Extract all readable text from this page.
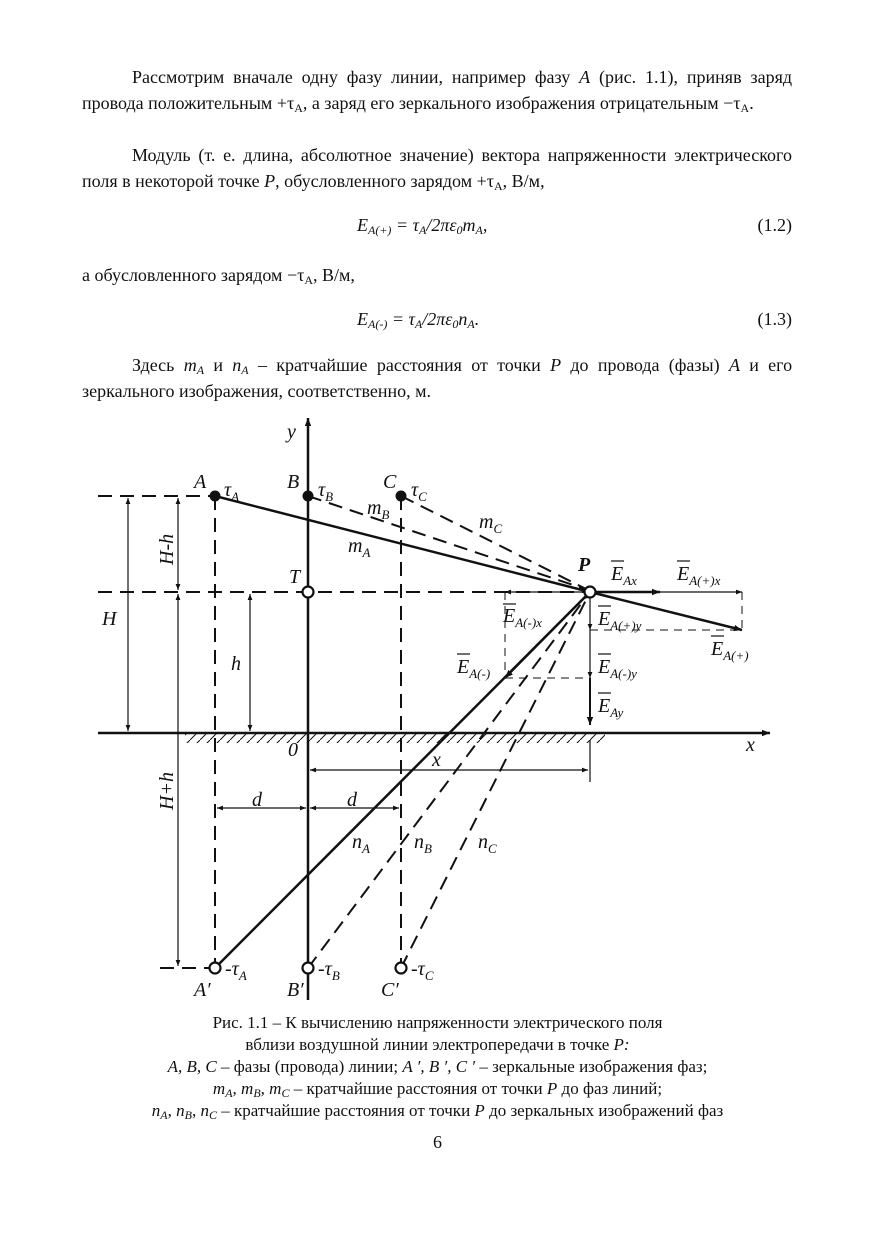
Рассмотрим вначале одну фазу линии, например фазу A (рис. 1.1), приняв заряд провода положительным $+\tau_А$, а заряд его зеркального изображения отрицательным $-\tau_А$.

Модуль (т. е. длина, абсолютное значение) вектора напряженности электрического поля в некоторой точке P, обусловленного зарядом $+\tau_А$, В/м,

$E_{A(+)} = \tau_A/2\pi\varepsilon_0m_A$,	(1.2)

а обусловленного зарядом $-\tau_А$, В/м,

$E_{A(-)} = \tau_A/2\pi\varepsilon_0n_A$.	(1.3)

Здесь $m_A$ и $n_A$ – кратчайшие расстояния от точки P до провода (фазы) A и его зеркального изображения, соответственно, м.

y
x
A	B	C
P
T
0
H
h
d	d
x
H-h
H+h
$\tau_A$	$\tau_B$	$\tau_C$
$-\tau_A$	$-\tau_B$	$-\tau_C$
A′	B′	C′
$m_A$
$m_B$	$m_C$
$n_A$ $n_B$ $n_C$
$E_{Ax}$ $E_{A(+)x}$
$E_{A(-)x}$	$E_{A(+)y}$
$E_{A(+)}$
$E_{A(-)}$	$E_{A(-)y}$
$E_{Ay}$
Рис. 1.1 – К вычислению напряженности электрического поля
вблизи воздушной линии электропередачи в точке P:
A, B, C – фазы (провода) линии; A ′, B ′, C ′ – зеркальные изображения фаз;
$m_A$, $m_B$, $m_C$ – кратчайшие расстояния от точки P до фаз линий;
$n_A$, $n_B$, $n_C$ – кратчайшие расстояния от точки P до зеркальных изображений фаз
6
